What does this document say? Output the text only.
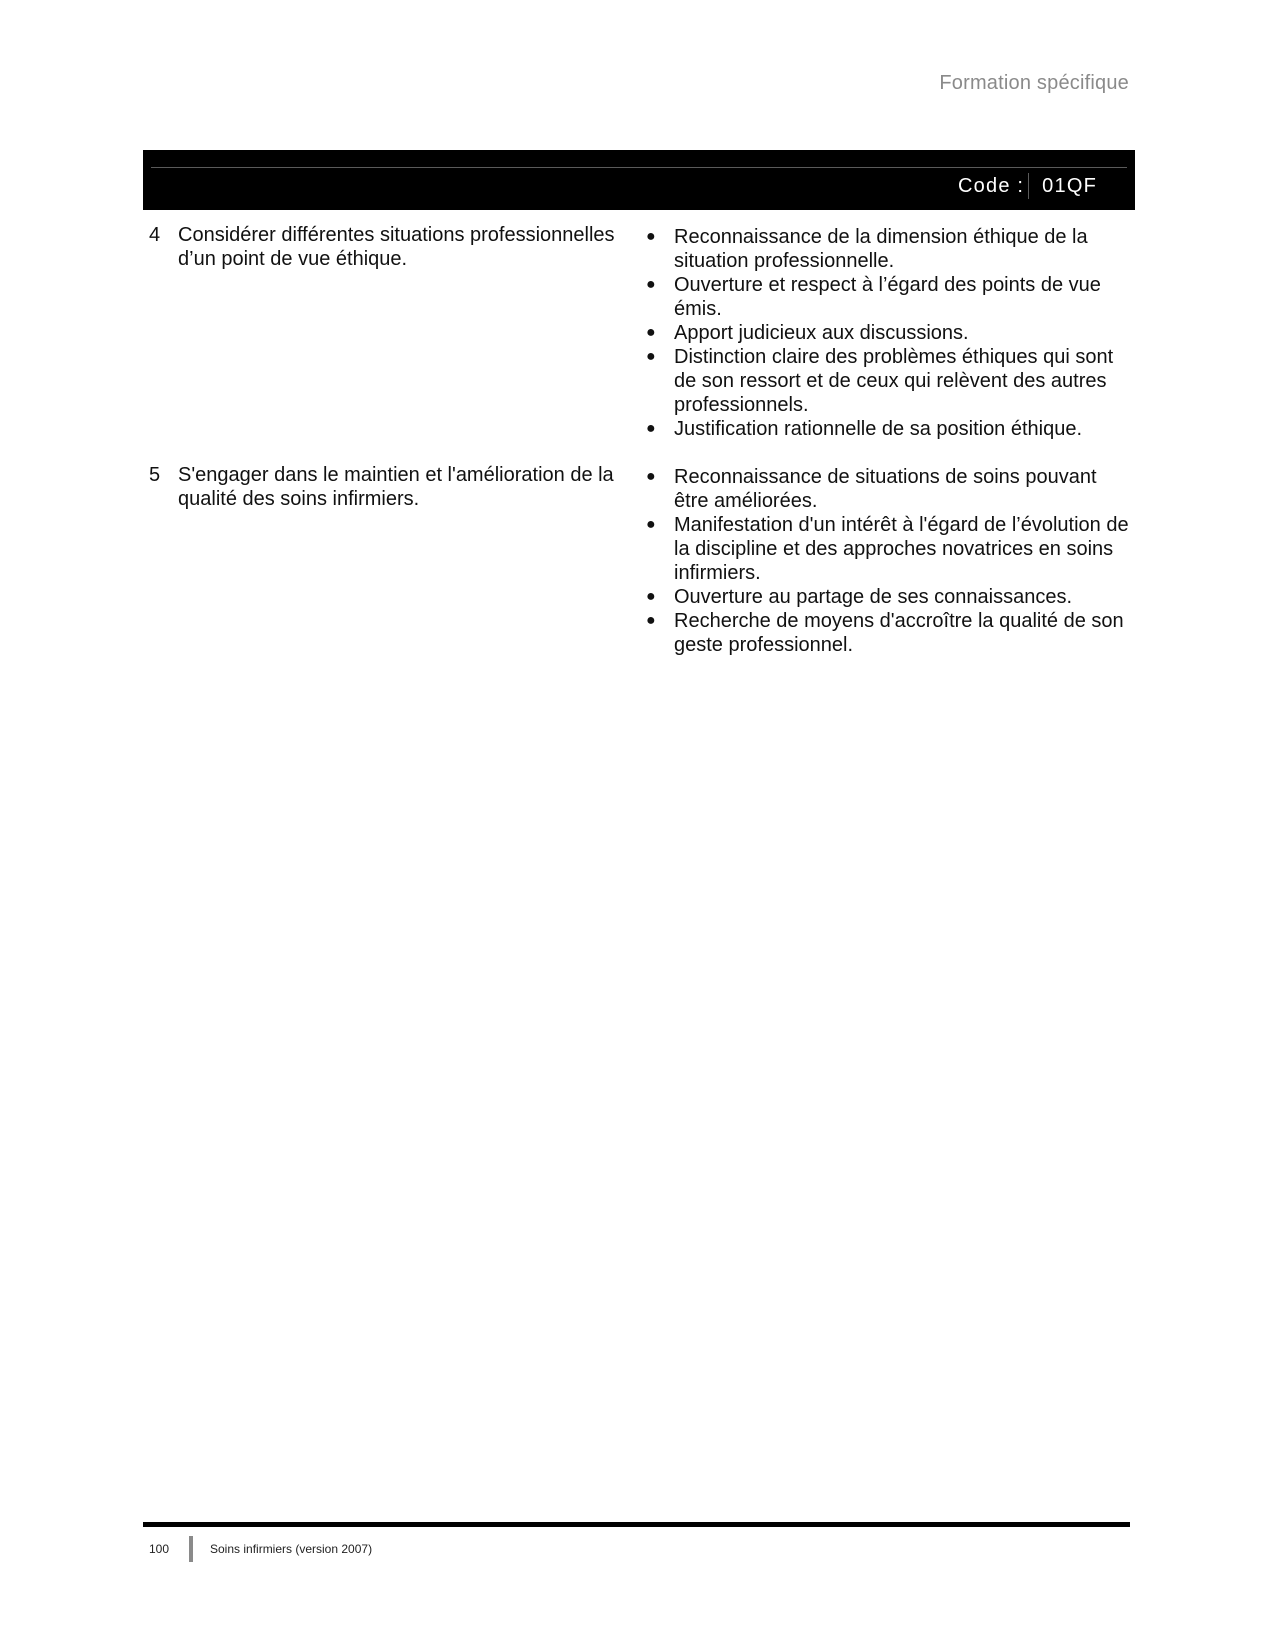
Formation spécifique
Code : 01QF
4 Considérer différentes situations professionnelles d’un point de vue éthique.
● Reconnaissance de la dimension éthique de la situation professionnelle.
● Ouverture et respect à l’égard des points de vue émis.
● Apport judicieux aux discussions.
● Distinction claire des problèmes éthiques qui sont de son ressort et de ceux qui relèvent des autres professionnels.
● Justification rationnelle de sa position éthique.
5 S'engager dans le maintien et l'amélioration de la qualité des soins infirmiers.
● Reconnaissance de situations de soins pouvant être améliorées.
● Manifestation d'un intérêt à l'égard de l’évolution de la discipline et des approches novatrices en soins infirmiers.
● Ouverture au partage de ses connaissances.
● Recherche de moyens d'accroître la qualité de son geste professionnel.
100	Soins infirmiers (version 2007)
